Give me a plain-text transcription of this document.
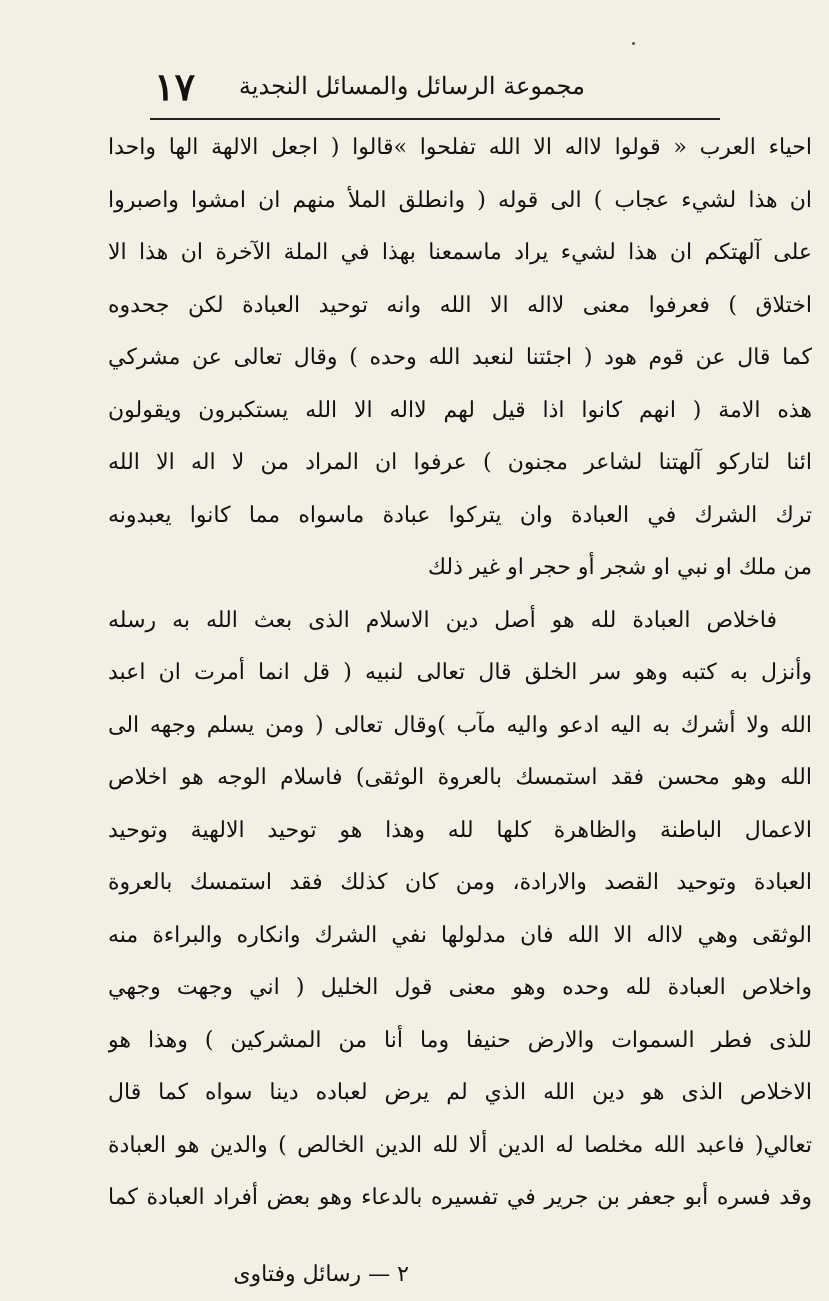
١٧ مجموعة الرسائل والمسائل النجدية
احياء العرب « قولوا لااله الا الله تفلحوا »قالوا ( اجعل الالهة الها واحدا
ان هذا لشيء عجاب ) الى قوله ( وانطلق الملأ منهم ان امشوا واصبروا
على آلهتكم ان هذا لشيء يراد ماسمعنا بهذا في الملة الآخرة ان هذا الا
اختلاق ) فعرفوا معنى لااله الا الله وانه توحيد العبادة لكن جحدوه
كما قال عن قوم هود ( اجئتنا لنعبد الله وحده ) وقال تعالى عن مشركي
هذه الامة ( انهم كانوا اذا قيل لهم لااله الا الله يستكبرون ويقولون
ائنا لتاركو آلهتنا لشاعر مجنون ) عرفوا ان المراد من لا اله الا الله
ترك الشرك في العبادة وان يتركوا عبادة ماسواه مما كانوا يعبدونه
من ملك او نبي او شجر أو حجر او غير ذلك
فاخلاص العبادة لله هو أصل دين الاسلام الذى بعث الله به رسله
وأنزل به كتبه وهو سر الخلق قال تعالى لنبيه ( قل انما أمرت ان اعبد
الله ولا أشرك به اليه ادعو واليه مآب )وقال تعالى ( ومن يسلم وجهه الى
الله وهو محسن فقد استمسك بالعروة الوثقى) فاسلام الوجه هو اخلاص
الاعمال الباطنة والظاهرة كلها لله وهذا هو توحيد الالهية وتوحيد
العبادة وتوحيد القصد والارادة، ومن كان كذلك فقد استمسك بالعروة
الوثقى وهي لااله الا الله فان مدلولها نفي الشرك وانكاره والبراءة منه
واخلاص العبادة لله وحده وهو معنى قول الخليل ( اني وجهت وجهي
للذى فطر السموات والارض حنيفا وما أنا من المشركين ) وهذا هو
الاخلاص الذى هو دين الله الذي لم يرض لعباده دينا سواه كما قال
تعالي( فاعبد الله مخلصا له الدين ألا لله الدين الخالص ) والدين هو العبادة
وقد فسره أبو جعفر بن جرير في تفسيره بالدعاء وهو بعض أفراد العبادة كما
٢ — رسائل وفتاوى
